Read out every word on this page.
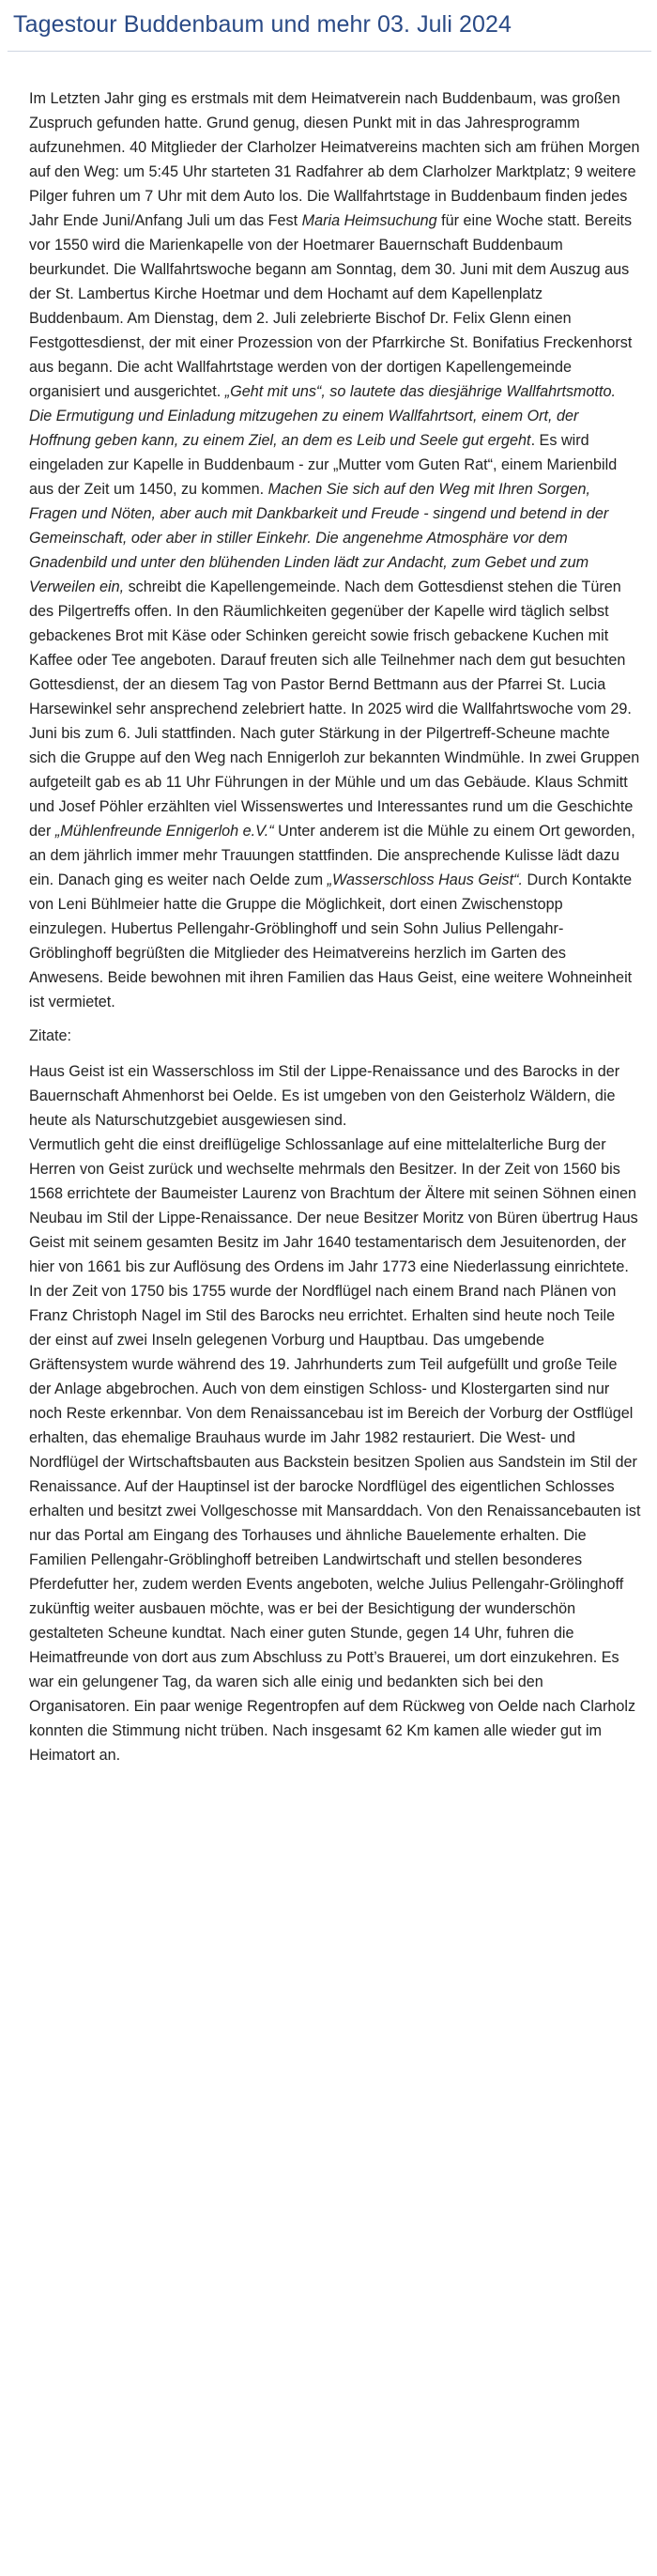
Tagestour Buddenbaum und mehr 03. Juli 2024

Im Letzten Jahr ging es erstmals mit dem Heimatverein nach Buddenbaum, was großen Zuspruch gefunden hatte. Grund genug, diesen Punkt mit in das Jahresprogramm aufzunehmen. 40 Mitglieder der Clarholzer Heimatvereins machten sich am frühen Morgen auf den Weg: um 5:45 Uhr starteten 31 Radfahrer ab dem Clarholzer Marktplatz; 9 weitere Pilger fuhren um 7 Uhr mit dem Auto los. Die Wallfahrtstage in Buddenbaum finden jedes Jahr Ende Juni/Anfang Juli um das Fest Maria Heimsuchung für eine Woche statt. Bereits vor 1550 wird die Marienkapelle von der Hoetmarer Bauernschaft Buddenbaum beurkundet. Die Wallfahrtswoche begann am Sonntag, dem 30. Juni mit dem Auszug aus der St. Lambertus Kirche Hoetmar und dem Hochamt auf dem Kapellenplatz Buddenbaum. Am Dienstag, dem 2. Juli zelebrierte Bischof Dr. Felix Glenn einen Festgottesdienst, der mit einer Prozession von der Pfarrkirche St. Bonifatius Freckenhorst aus begann. Die acht Wallfahrtstage werden von der dortigen Kapellengemeinde organisiert und ausgerichtet. „Geht mit uns“, so lautete das diesjährige Wallfahrtsmotto. Die Ermutigung und Einladung mitzugehen zu einem Wallfahrtsort, einem Ort, der Hoffnung geben kann, zu einem Ziel, an dem es Leib und Seele gut ergeht. Es wird eingeladen zur Kapelle in Buddenbaum - zur „Mutter vom Guten Rat“, einem Marienbild aus der Zeit um 1450, zu kommen. Machen Sie sich auf den Weg mit Ihren Sorgen, Fragen und Nöten, aber auch mit Dankbarkeit und Freude - singend und betend in der Gemeinschaft, oder aber in stiller Einkehr. Die angenehme Atmosphäre vor dem Gnadenbild und unter den blühenden Linden lädt zur Andacht, zum Gebet und zum Verweilen ein, schreibt die Kapellengemeinde. Nach dem Gottesdienst stehen die Türen des Pilgertreffs offen. In den Räumlichkeiten gegenüber der Kapelle wird täglich selbst gebackenes Brot mit Käse oder Schinken gereicht sowie frisch gebackene Kuchen mit Kaffee oder Tee angeboten. Darauf freuten sich alle Teilnehmer nach dem gut besuchten Gottesdienst, der an diesem Tag von Pastor Bernd Bettmann aus der Pfarrei St. Lucia Harsewinkel sehr ansprechend zelebriert hatte. In 2025 wird die Wallfahrtswoche vom 29. Juni bis zum 6. Juli stattfinden. Nach guter Stärkung in der Pilgertreff-Scheune machte sich die Gruppe auf den Weg nach Ennigerloh zur bekannten Windmühle. In zwei Gruppen aufgeteilt gab es ab 11 Uhr Führungen in der Mühle und um das Gebäude. Klaus Schmitt und Josef Pöhler erzählten viel Wissenswertes und Interessantes rund um die Geschichte der „Mühlenfreunde Ennigerloh e.V.“ Unter anderem ist die Mühle zu einem Ort geworden, an dem jährlich immer mehr Trauungen stattfinden. Die ansprechende Kulisse lädt dazu ein. Danach ging es weiter nach Oelde zum „Wasserschloss Haus Geist“. Durch Kontakte von Leni Bühlmeier hatte die Gruppe die Möglichkeit, dort einen Zwischenstopp einzulegen. Hubertus Pellengahr-Gröblinghoff und sein Sohn Julius Pellengahr-Gröblinghoff begrüßten die Mitglieder des Heimatvereins herzlich im Garten des Anwesens. Beide bewohnen mit ihren Familien das Haus Geist, eine weitere Wohneinheit ist vermietet.

Zitate:

Haus Geist ist ein Wasserschloss im Stil der Lippe-Renaissance und des Barocks in der Bauernschaft Ahmenhorst bei Oelde. Es ist umgeben von den Geisterholz Wäldern, die heute als Naturschutzgebiet ausgewiesen sind.

Vermutlich geht die einst dreiflügelige Schlossanlage auf eine mittelalterliche Burg der Herren von Geist zurück und wechselte mehrmals den Besitzer. In der Zeit von 1560 bis 1568 errichtete der Baumeister Laurenz von Brachtum der Ältere mit seinen Söhnen einen Neubau im Stil der Lippe-Renaissance. Der neue Besitzer Moritz von Büren übertrug Haus Geist mit seinem gesamten Besitz im Jahr 1640 testamentarisch dem Jesuitenorden, der hier von 1661 bis zur Auflösung des Ordens im Jahr 1773 eine Niederlassung einrichtete.

In der Zeit von 1750 bis 1755 wurde der Nordflügel nach einem Brand nach Plänen von Franz Christoph Nagel im Stil des Barocks neu errichtet. Erhalten sind heute noch Teile der einst auf zwei Inseln gelegenen Vorburg und Hauptbau. Das umgebende Gräftensystem wurde während des 19. Jahrhunderts zum Teil aufgefüllt und große Teile der Anlage abgebrochen. Auch von dem einstigen Schloss- und Klostergarten sind nur noch Reste erkennbar. Von dem Renaissancebau ist im Bereich der Vorburg der Ostflügel erhalten, das ehemalige Brauhaus wurde im Jahr 1982 restauriert. Die West- und Nordflügel der Wirtschaftsbauten aus Backstein besitzen Spolien aus Sandstein im Stil der Renaissance. Auf der Hauptinsel ist der barocke Nordflügel des eigentlichen Schlosses erhalten und besitzt zwei Vollgeschosse mit Mansarddach. Von den Renaissancebauten ist nur das Portal am Eingang des Torhauses und ähnliche Bauelemente erhalten. Die Familien Pellengahr-Gröblinghoff betreiben Landwirtschaft und stellen besonderes Pferdefutter her, zudem werden Events angeboten, welche Julius Pellengahr-Grölinghoff zukünftig weiter ausbauen möchte, was er bei der Besichtigung der wunderschön gestalteten Scheune kundtat. Nach einer guten Stunde, gegen 14 Uhr, fuhren die Heimatfreunde von dort aus zum Abschluss zu Pott’s Brauerei, um dort einzukehren. Es war ein gelungener Tag, da waren sich alle einig und bedankten sich bei den Organisatoren. Ein paar wenige Regentropfen auf dem Rückweg von Oelde nach Clarholz konnten die Stimmung nicht trüben. Nach insgesamt 62 Km kamen alle wieder gut im Heimatort an.
